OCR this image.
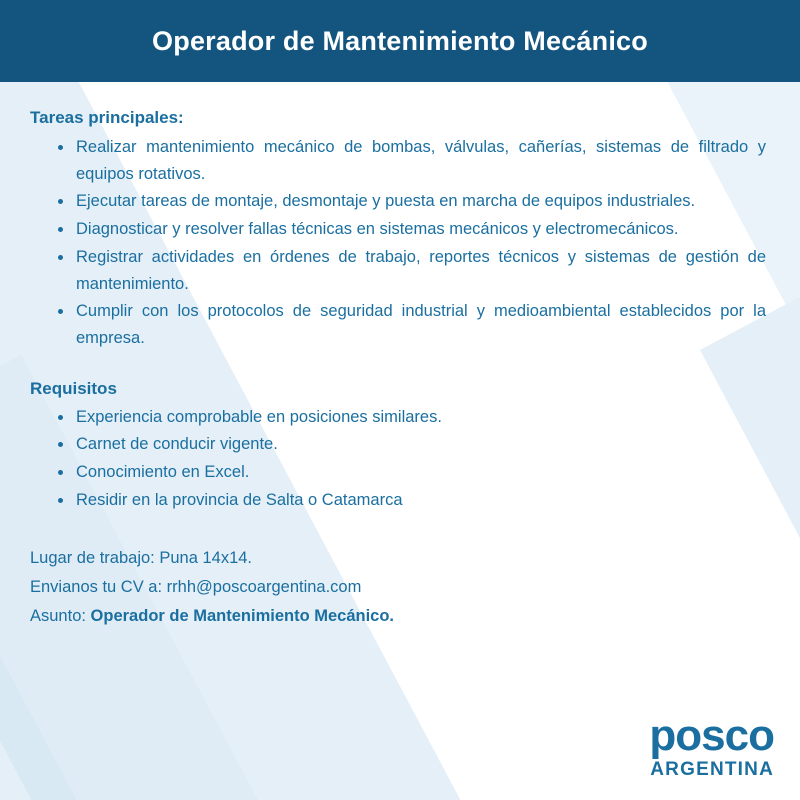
Operador de Mantenimiento Mecánico
Tareas principales:
Realizar mantenimiento mecánico de bombas, válvulas, cañerías, sistemas de filtrado y equipos rotativos.
Ejecutar tareas de montaje, desmontaje y puesta en marcha de equipos industriales.
Diagnosticar y resolver fallas técnicas en sistemas mecánicos y electromecánicos.
Registrar actividades en órdenes de trabajo, reportes técnicos y sistemas de gestión de mantenimiento.
Cumplir con los protocolos de seguridad industrial y medioambiental establecidos por la empresa.
Requisitos
Experiencia comprobable en posiciones similares.
Carnet de conducir vigente.
Conocimiento en Excel.
Residir en la provincia de Salta o Catamarca
Lugar de trabajo: Puna 14x14.
Envianos tu CV a: rrhh@poscoargentina.com
Asunto: Operador de Mantenimiento Mecánico.
posco
ARGENTINA
